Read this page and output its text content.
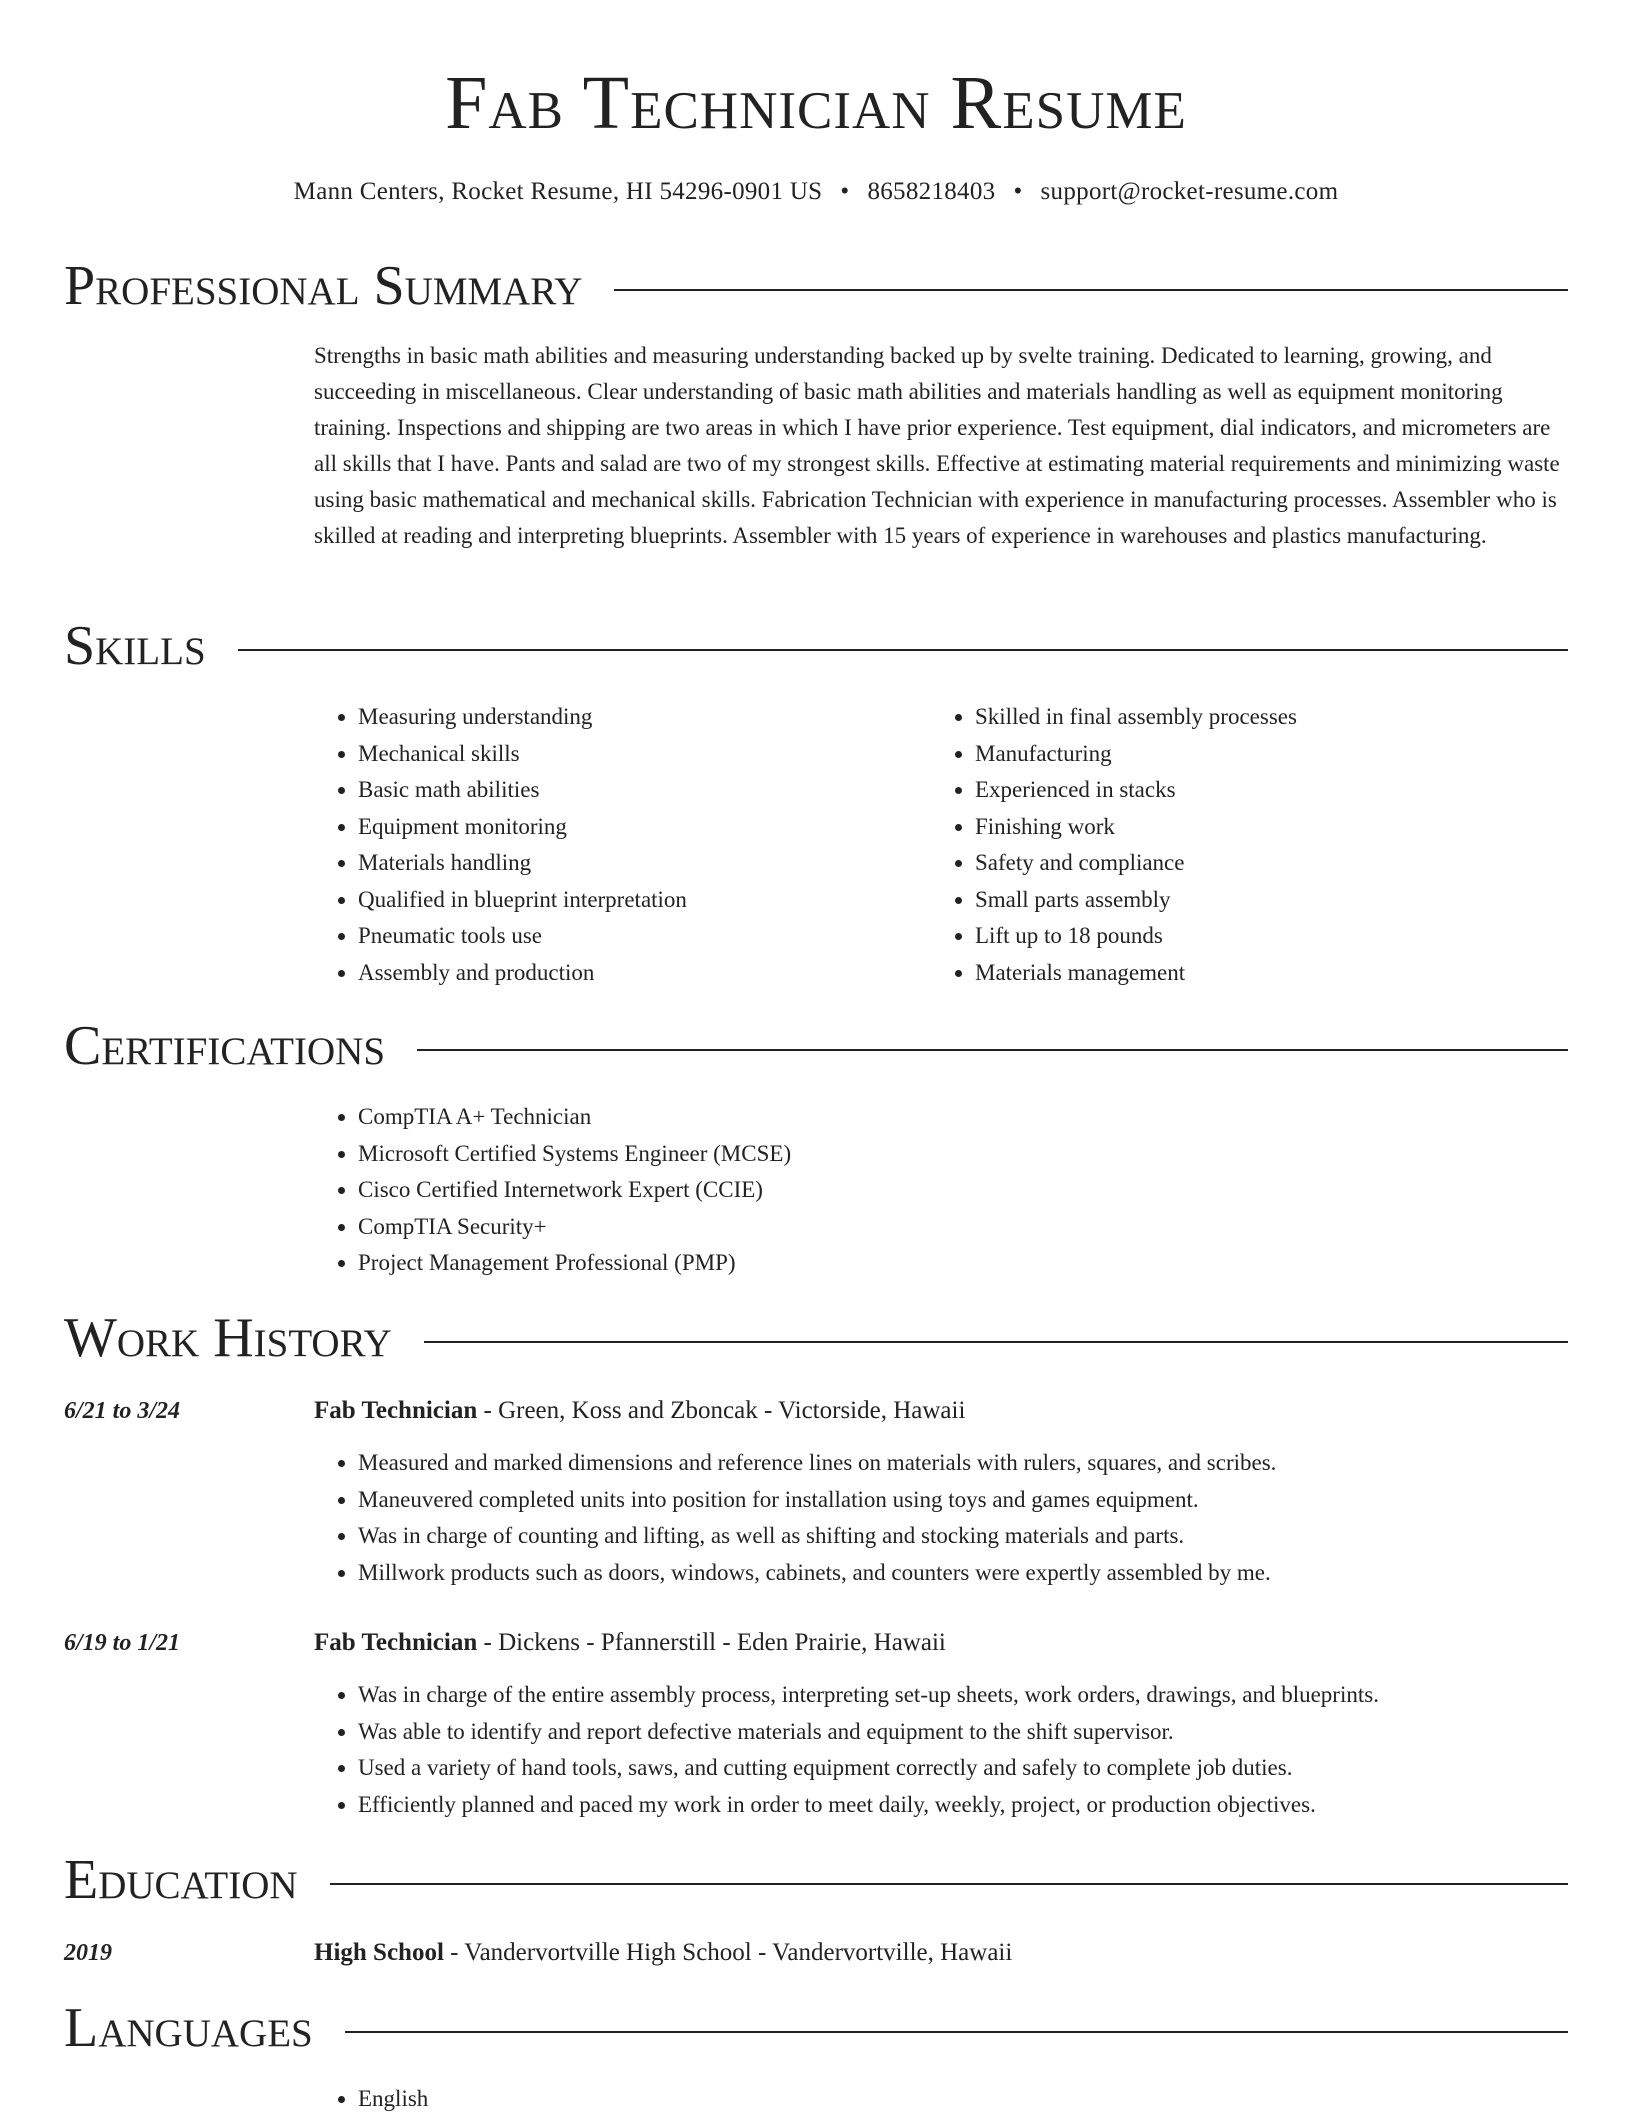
Fab Technician Resume
Mann Centers, Rocket Resume, HI 54296-0901 US • 8658218403 • support@rocket-resume.com
Professional Summary

Strengths in basic math abilities and measuring understanding backed up by svelte training. Dedicated to learning, growing, and succeeding in miscellaneous. Clear understanding of basic math abilities and materials handling as well as equipment monitoring training. Inspections and shipping are two areas in which I have prior experience. Test equipment, dial indicators, and micrometers are all skills that I have. Pants and salad are two of my strongest skills. Effective at estimating material requirements and minimizing waste using basic mathematical and mechanical skills. Fabrication Technician with experience in manufacturing processes. Assembler who is skilled at reading and interpreting blueprints. Assembler with 15 years of experience in warehouses and plastics manufacturing.

Skills
• Measuring understanding
• Mechanical skills
• Basic math abilities
• Equipment monitoring
• Materials handling
• Qualified in blueprint interpretation
• Pneumatic tools use
• Assembly and production
• Skilled in final assembly processes
• Manufacturing
• Experienced in stacks
• Finishing work
• Safety and compliance
• Small parts assembly
• Lift up to 18 pounds
• Materials management
Certifications
• CompTIA A+ Technician
• Microsoft Certified Systems Engineer (MCSE)
• Cisco Certified Internetwork Expert (CCIE)
• CompTIA Security+
• Project Management Professional (PMP)
Work History
6/21 to 3/24	Fab Technician - Green, Koss and Zboncak - Victorside, Hawaii
• Measured and marked dimensions and reference lines on materials with rulers, squares, and scribes.
• Maneuvered completed units into position for installation using toys and games equipment.
• Was in charge of counting and lifting, as well as shifting and stocking materials and parts.
• Millwork products such as doors, windows, cabinets, and counters were expertly assembled by me.
6/19 to 1/21	Fab Technician - Dickens - Pfannerstill - Eden Prairie, Hawaii
• Was in charge of the entire assembly process, interpreting set-up sheets, work orders, drawings, and blueprints.
• Was able to identify and report defective materials and equipment to the shift supervisor.
• Used a variety of hand tools, saws, and cutting equipment correctly and safely to complete job duties.
• Efficiently planned and paced my work in order to meet daily, weekly, project, or production objectives.
Education
2019	High School - Vandervortville High School - Vandervortville, Hawaii
Languages
• English
